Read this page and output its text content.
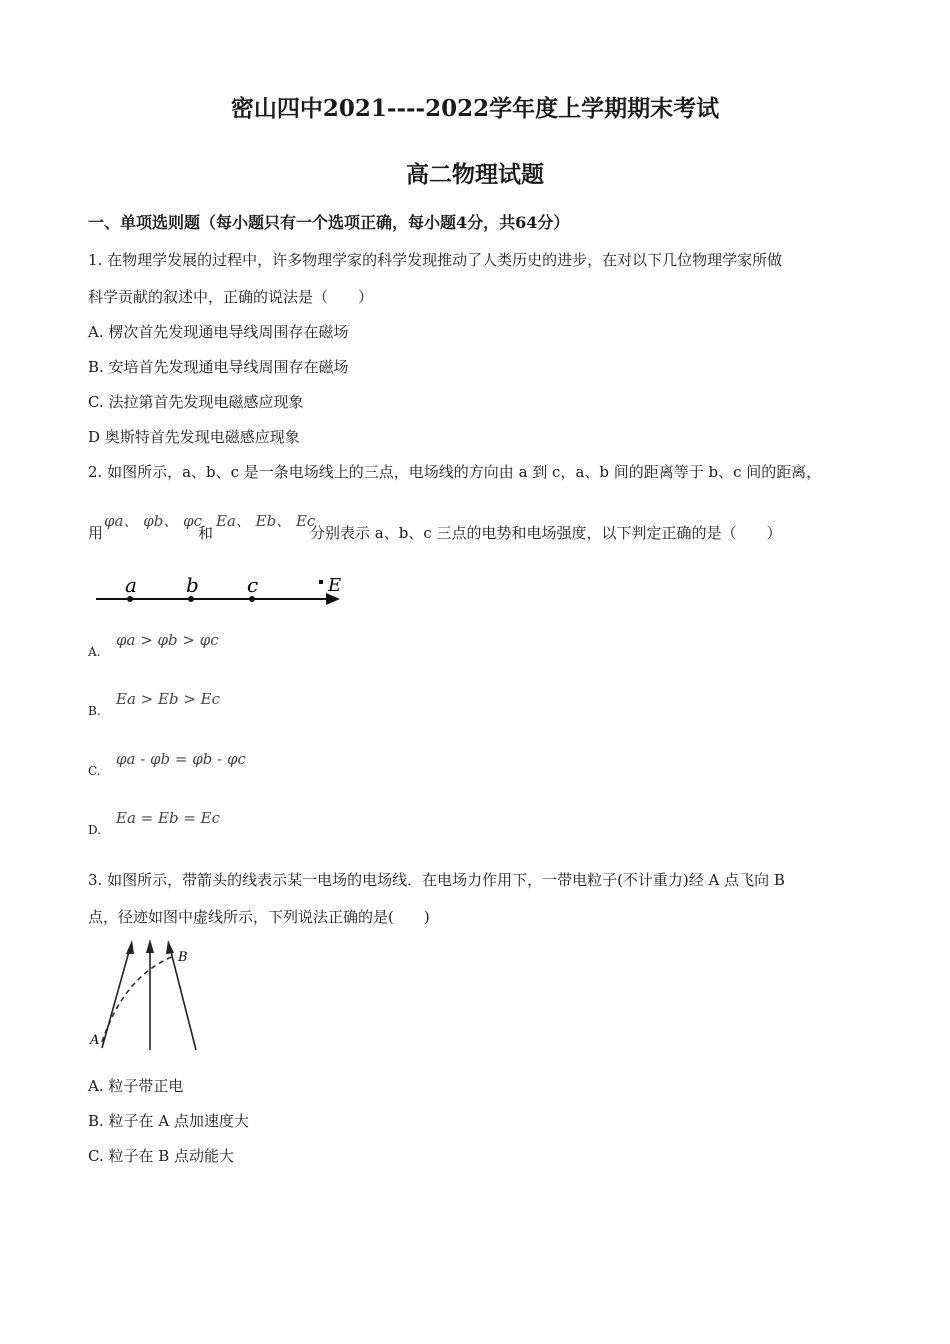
密山四中2021----2022学年度上学期期末考试
高二物理试题
一、单项选则题（每小题只有一个选项正确，每小题4分，共64分）
1. 在物理学发展的过程中，许多物理学家的科学发现推动了人类历史的进步，在对以下几位物理学家所做
科学贡献的叙述中，正确的说法是（　　）
A. 楞次首先发现通电导线周围存在磁场
B. 安培首先发现通电导线周围存在磁场
C. 法拉第首先发现电磁感应现象
D 奥斯特首先发现电磁感应现象
2. 如图所示，a、b、c 是一条电场线上的三点，电场线的方向由 a 到 c，a、b 间的距离等于 b、c 间的距离，
用
φa、 φb、 φc
和
Ea、 Eb、 Ec
分别表示 a、b、c 三点的电势和电场强度，以下判定正确的是（　　）
a b c	E
A.
φa > φb > φc
B.
Ea > Eb > Ec
C.
φa - φb = φb - φc
D.
Ea = Eb = Ec
3. 如图所示，带箭头的线表示某一电场的电场线．在电场力作用下，一带电粒子(不计重力)经 A 点飞向 B
点，径迹如图中虚线所示，下列说法正确的是(　　)
A
B
A. 粒子带正电
B. 粒子在 A 点加速度大
C. 粒子在 B 点动能大
